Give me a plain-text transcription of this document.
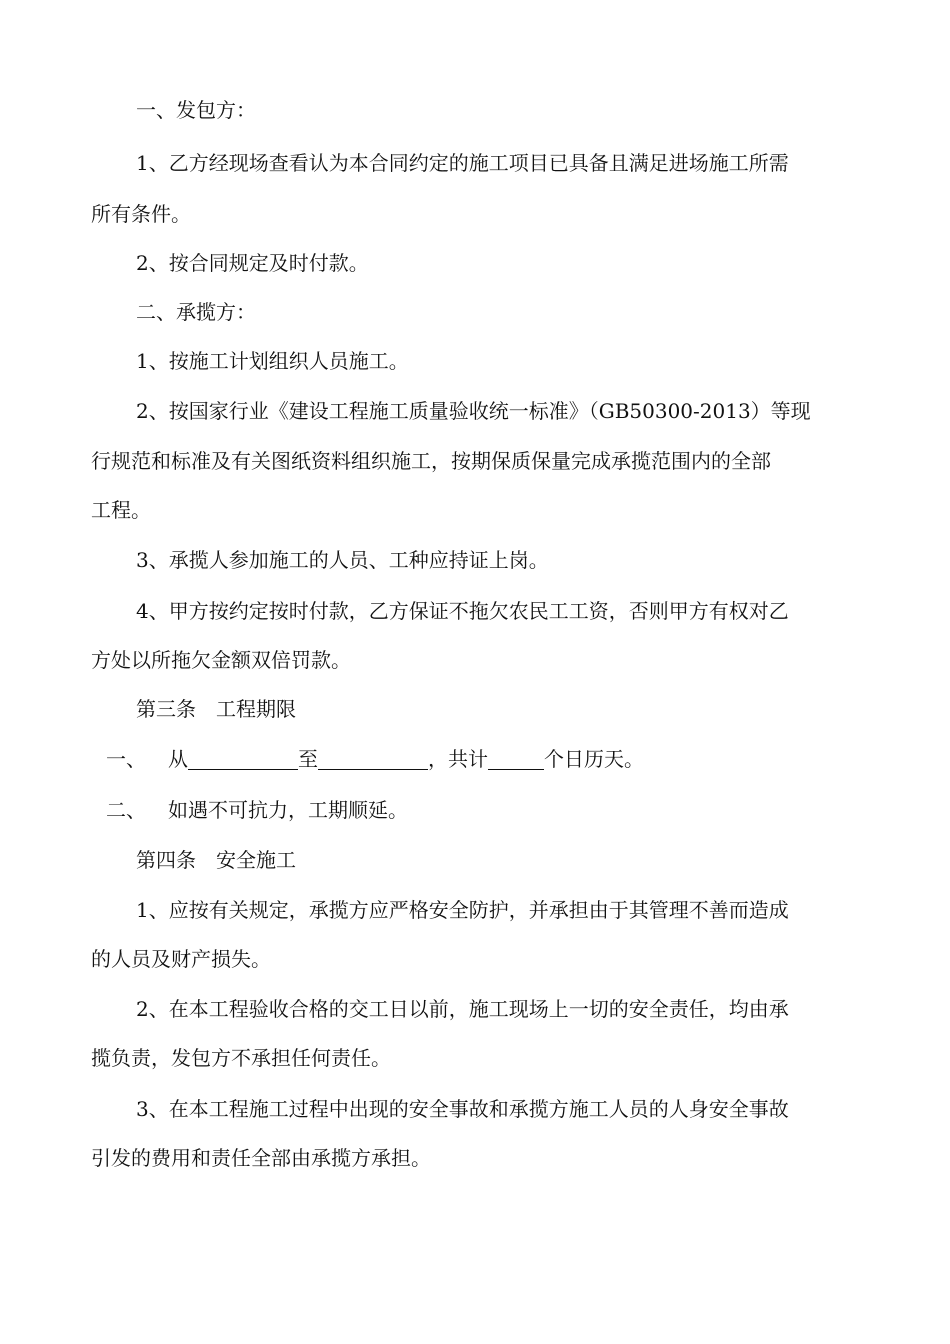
一、发包方：
1、乙方经现场查看认为本合同约定的施工项目已具备且满足进场施工所需
所有条件。
2、按合同规定及时付款。
二、承揽方：
1、按施工计划组织人员施工。
2、按国家行业《建设工程施工质量验收统一标准》（GB50300-2013）等现
行规范和标准及有关图纸资料组织施工，按期保质保量完成承揽范围内的全部
工程。
3、承揽人参加施工的人员、工种应持证上岗。
4、甲方按约定按时付款，乙方保证不拖欠农民工工资，否则甲方有权对乙
方处以所拖欠金额双倍罚款。
第三条　工程期限
一、 从	至	，共计	个日历天。
二、 如遇不可抗力，工期顺延。
第四条　安全施工
1、应按有关规定，承揽方应严格安全防护，并承担由于其管理不善而造成
的人员及财产损失。
2、在本工程验收合格的交工日以前，施工现场上一切的安全责任，均由承
揽负责，发包方不承担任何责任。
3、在本工程施工过程中出现的安全事故和承揽方施工人员的人身安全事故
引发的费用和责任全部由承揽方承担。
